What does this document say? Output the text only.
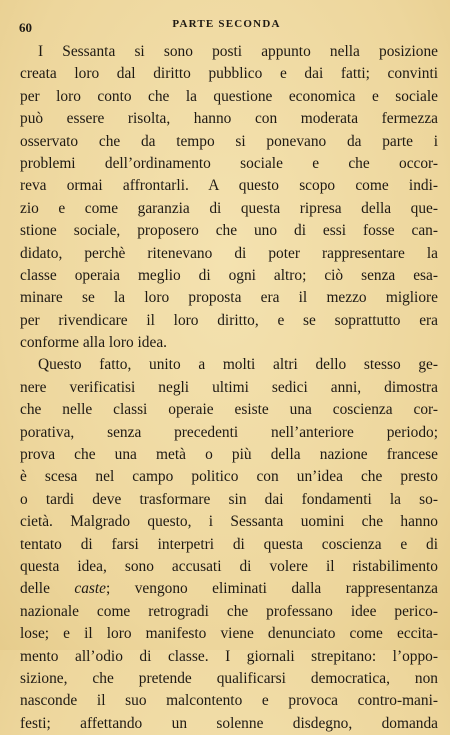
60	PARTE SECONDA
I Sessanta si sono posti appunto nella posizione
creata loro dal diritto pubblico e dai fatti; convinti
per loro conto che la questione economica e sociale
può essere risolta, hanno con moderata fermezza
osservato che da tempo si ponevano da parte i
problemi dell’ordinamento sociale e che occor-
reva ormai affrontarli. A questo scopo come indi-
zio e come garanzia di questa ripresa della que-
stione sociale, proposero che uno di essi fosse can-
didato, perchè ritenevano di poter rappresentare la
classe operaia meglio di ogni altro; ciò senza esa-
minare se la loro proposta era il mezzo migliore
per rivendicare il loro diritto, e se soprattutto era
conforme alla loro idea.
Questo fatto, unito a molti altri dello stesso ge-
nere verificatisi negli ultimi sedici anni, dimostra
che nelle classi operaie esiste una coscienza cor-
porativa, senza precedenti nell’anteriore periodo;
prova che una metà o più della nazione francese
è scesa nel campo politico con un’idea che presto
o tardi deve trasformare sin dai fondamenti la so-
cietà. Malgrado questo, i Sessanta uomini che hanno
tentato di farsi interpetri di questa coscienza e di
questa idea, sono accusati di volere il ristabilimento
delle caste; vengono eliminati dalla rappresentanza
nazionale come retrogradi che professano idee perico-
lose; e il loro manifesto viene denunciato come eccita-
mento all’odio di classe. I giornali strepitano: l’oppo-
sizione, che pretende qualificarsi democratica, non
nasconde il suo malcontento e provoca contro-mani-
festi; affettando un solenne disdegno, domanda
